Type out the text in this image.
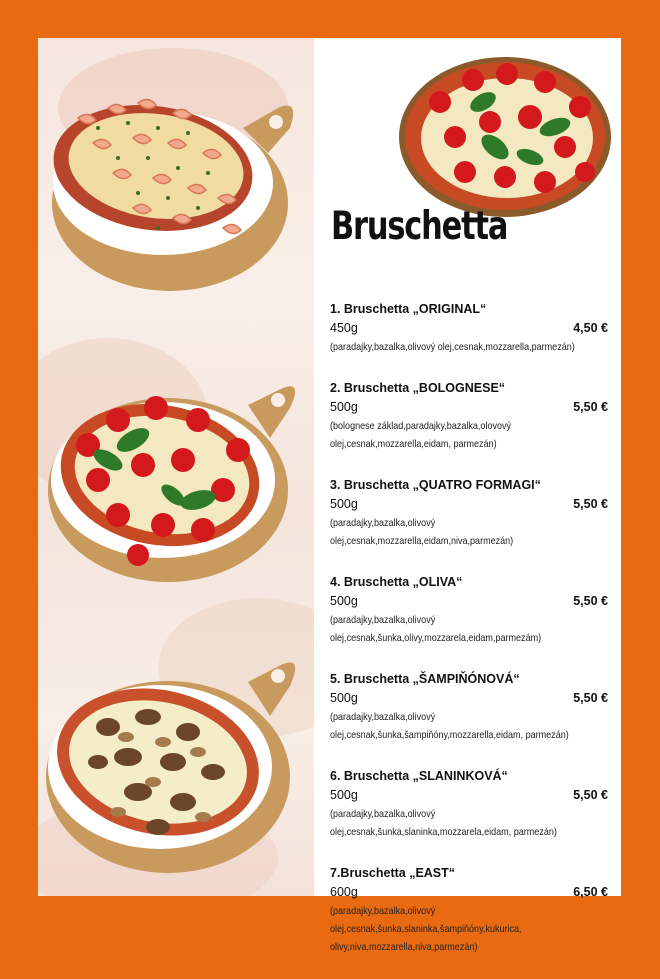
Bruschetta
1. Bruschetta „ORIGINAL“
450g	4,50 €
(paradajky,bazalka,olivový olej,cesnak,mozzarella,parmezán)
2. Bruschetta „BOLOGNESE“
500g	5,50 €
(bolognese základ,paradajky,bazalka,olovový olej,cesnak,mozzarella,eidam, parmezán)
3. Bruschetta „QUATRO FORMAGI“
500g	5,50 €
(paradajky,bazalka,olivový olej,cesnak,mozzarella,eidam,niva,parmezán)
4. Bruschetta „OLIVA“
500g	5,50 €
(paradajky,bazalka,olivový olej,cesnak,šunka,olivy,mozzarela,eidam,parmezám)
5. Bruschetta „ŠAMPIŇÓNOVÁ“
500g	5,50 €
(paradajky,bazalka,olivový olej,cesnak,šunka,šampiňóny,mozzarella,eidam, parmezán)
6. Bruschetta „SLANINKOVÁ“
500g	5,50 €
(paradajky,bazalka,olivový olej,cesnak,šunka,slaninka,mozzarela,eidam, parmezán)
7.Bruschetta „EAST“
600g	6,50 €
(paradajky,bazalka,olivový olej,cesnak,šunka,slaninka,šampiňóny,kukurica, olivy,niva,mozzarella,niva,parmezán)
